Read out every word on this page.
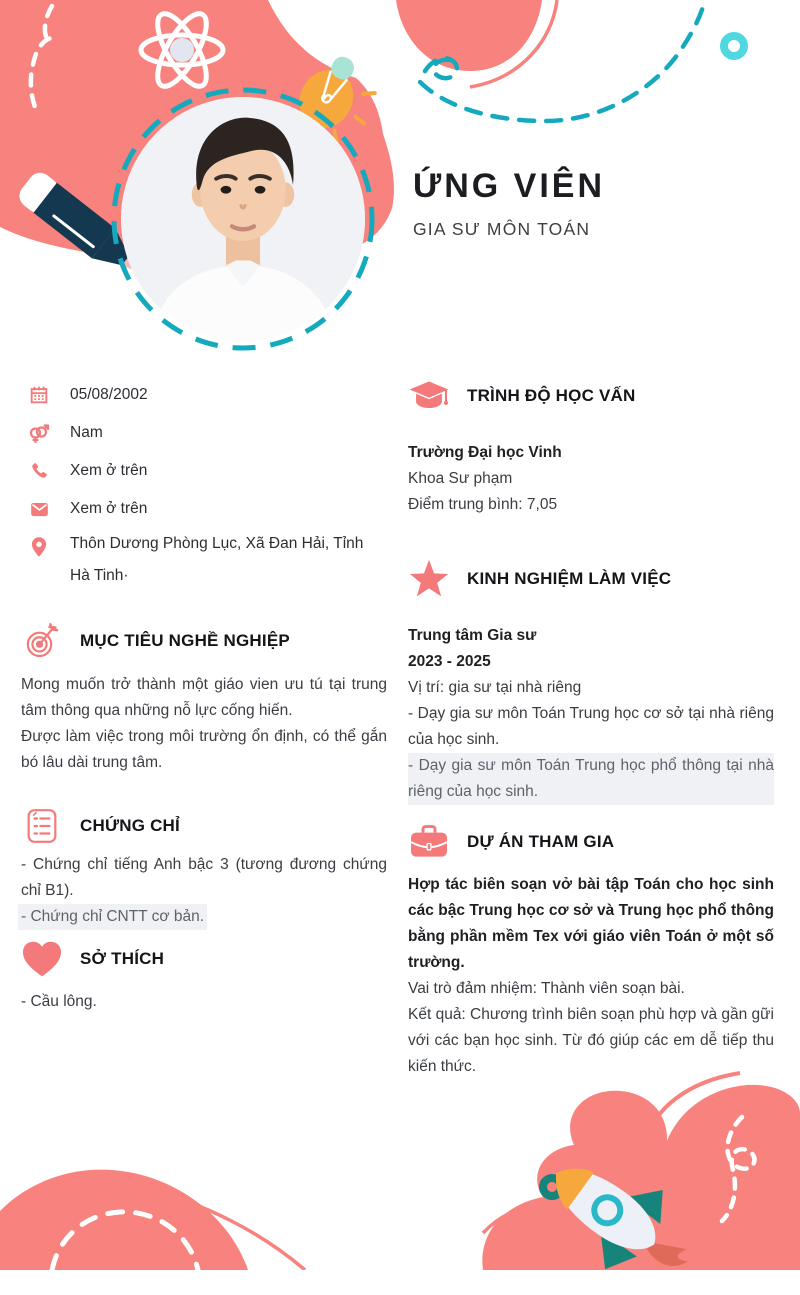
ỨNG VIÊN

GIA SƯ MÔN TOÁN

05/08/2002
Nam
Xem ở trên
Xem ở trên
Thôn Dương Phòng Lục, Xã Đan Hải, Tỉnh Hà Tinh·
MỤC TIÊU NGHỀ NGHIỆP

Mong muốn trở thành một giáo vien ưu tú tại trung tâm thông qua những nỗ lực cống hiến.

Được làm việc trong môi trường ổn định, có thể gắn bó lâu dài trung tâm.

CHỨNG CHỈ

- Chứng chỉ tiếng Anh bậc 3 (tương đương chứng chỉ B1).

- Chứng chỉ CNTT cơ bản.

SỞ THÍCH

- Cầu lông.

TRÌNH ĐỘ HỌC VẤN

Trường Đại học Vinh

Khoa Sư phạm

Điểm trung bình: 7,05

KINH NGHIỆM LÀM VIỆC

Trung tâm Gia sư

2023 - 2025

Vị trí: gia sư tại nhà riêng

- Dạy gia sư môn Toán Trung học cơ sở tại nhà riêng của học sinh.

- Dạy gia sư môn Toán Trung học phổ thông tại nhà riêng của học sinh.

DỰ ÁN THAM GIA

Hợp tác biên soạn vở bài tập Toán cho học sinh các bậc Trung học cơ sở và Trung học phổ thông bằng phần mềm Tex với giáo viên Toán ở một số trường.

Vai trò đảm nhiệm: Thành viên soạn bài.

Kết quả: Chương trình biên soạn phù hợp và gần gữi với các bạn học sinh. Từ đó giúp các em dễ tiếp thu kiến thức.
